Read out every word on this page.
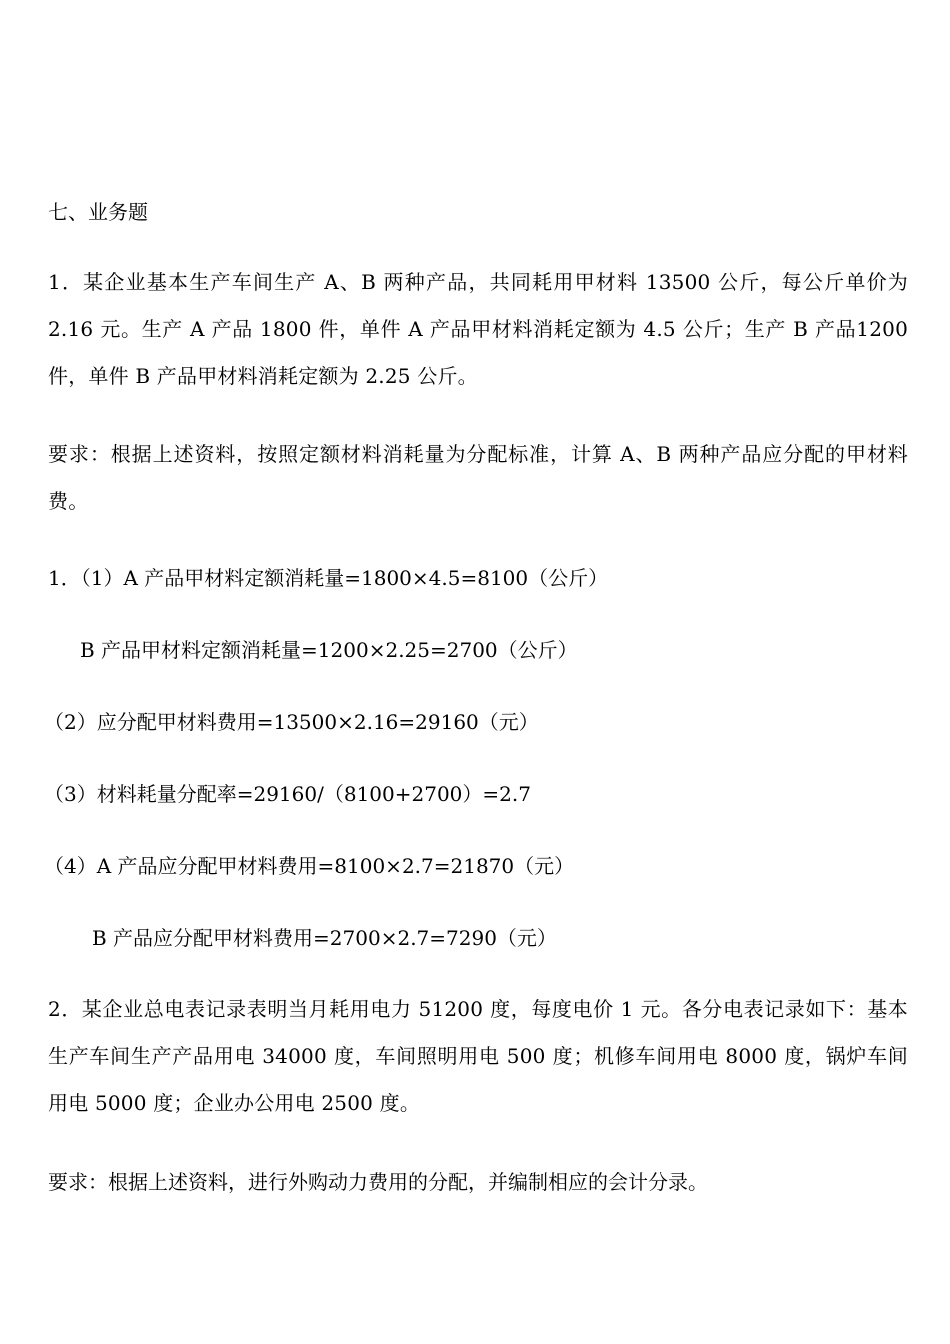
七、业务题
1．某企业基本生产车间生产 A、B 两种产品，共同耗用甲材料 13500 公斤，每公斤单价为 2.16 元。生产 A 产品 1800 件，单件 A 产品甲材料消耗定额为 4.5 公斤；生产 B 产品1200 件，单件 B 产品甲材料消耗定额为 2.25 公斤。
要求：根据上述资料，按照定额材料消耗量为分配标准，计算 A、B 两种产品应分配的甲材料费。
1．（1）A 产品甲材料定额消耗量=1800×4.5=8100（公斤）
B 产品甲材料定额消耗量=1200×2.25=2700（公斤）
（2）应分配甲材料费用=13500×2.16=29160（元）
（3）材料耗量分配率=29160/（8100+2700）=2.7
（4）A 产品应分配甲材料费用=8100×2.7=21870（元）
B 产品应分配甲材料费用=2700×2.7=7290（元）
2．某企业总电表记录表明当月耗用电力 51200 度，每度电价 1 元。各分电表记录如下：基本生产车间生产产品用电 34000 度，车间照明用电 500 度；机修车间用电 8000 度，锅炉车间用电 5000 度；企业办公用电 2500 度。
要求：根据上述资料，进行外购动力费用的分配，并编制相应的会计分录。
